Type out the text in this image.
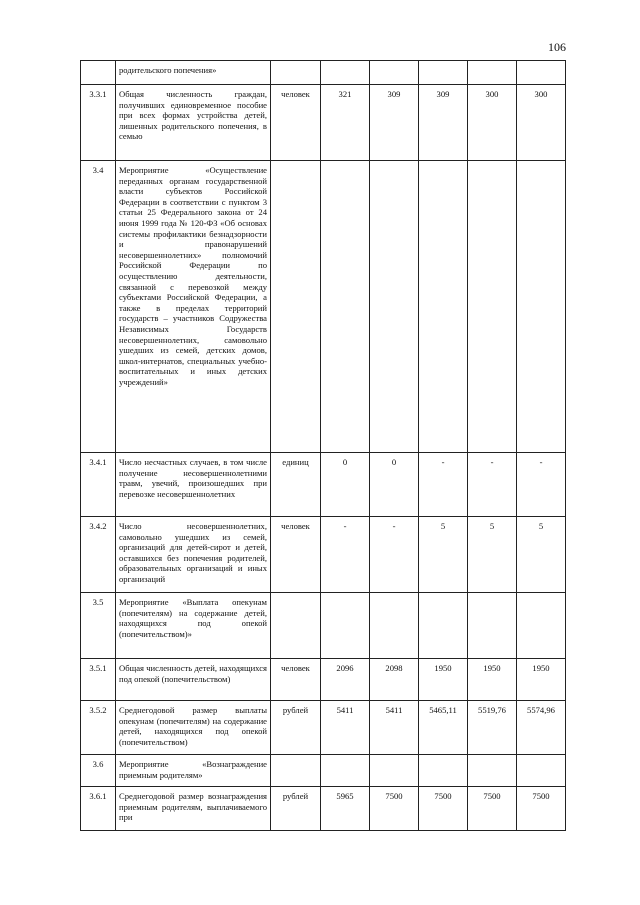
106
	родительского попечения»						
3.3.1	Общая численность граждан, получивших единовременное пособие при всех формах устройства детей, лишенных родительского попечения, в семью	человек	321	309	309	300	300
3.4	Мероприятие «Осуществление переданных органам государственной власти субъектов Российской Федерации в соответствии с пунктом 3 статьи 25 Федерального закона от 24 июня 1999 года № 120-ФЗ «Об основах системы профилактики безнадзорности и правонарушений несовершеннолетних» полномочий Российской Федерации по осуществлению деятельности, связанной с перевозкой между субъектами Российской Федерации, а также в пределах территорий государств – участников Содружества Независимых Государств несовершеннолетних, самовольно ушедших из семей, детских домов, школ-интернатов, специальных учебно-воспитательных и иных детских учреждений»						
3.4.1	Число несчастных случаев, в том числе получение несовершеннолетними травм, увечий, произошедших при перевозке несовершеннолетних	единиц	0	0	-	-	-
3.4.2	Число несовершеннолетних, самовольно ушедших из семей, организаций для детей-сирот и детей, оставшихся без попечения родителей, образовательных организаций и иных организаций	человек	-	-	5	5	5
3.5	Мероприятие «Выплата опекунам (попечителям) на содержание детей, находящихся под опекой (попечительством)»						
3.5.1	Общая численность детей, находящихся под опекой (попечительством)	человек	2096	2098	1950	1950	1950
3.5.2	Среднегодовой размер выплаты опекунам (попечителям) на содержание детей, находящихся под опекой (попечительством)	рублей	5411	5411	5465,11	5519,76	5574,96
3.6	Мероприятие «Вознаграждение приемным родителям»						
3.6.1	Среднегодовой размер вознаграждения приемным родителям, выплачиваемого при	рублей	5965	7500	7500	7500	7500
